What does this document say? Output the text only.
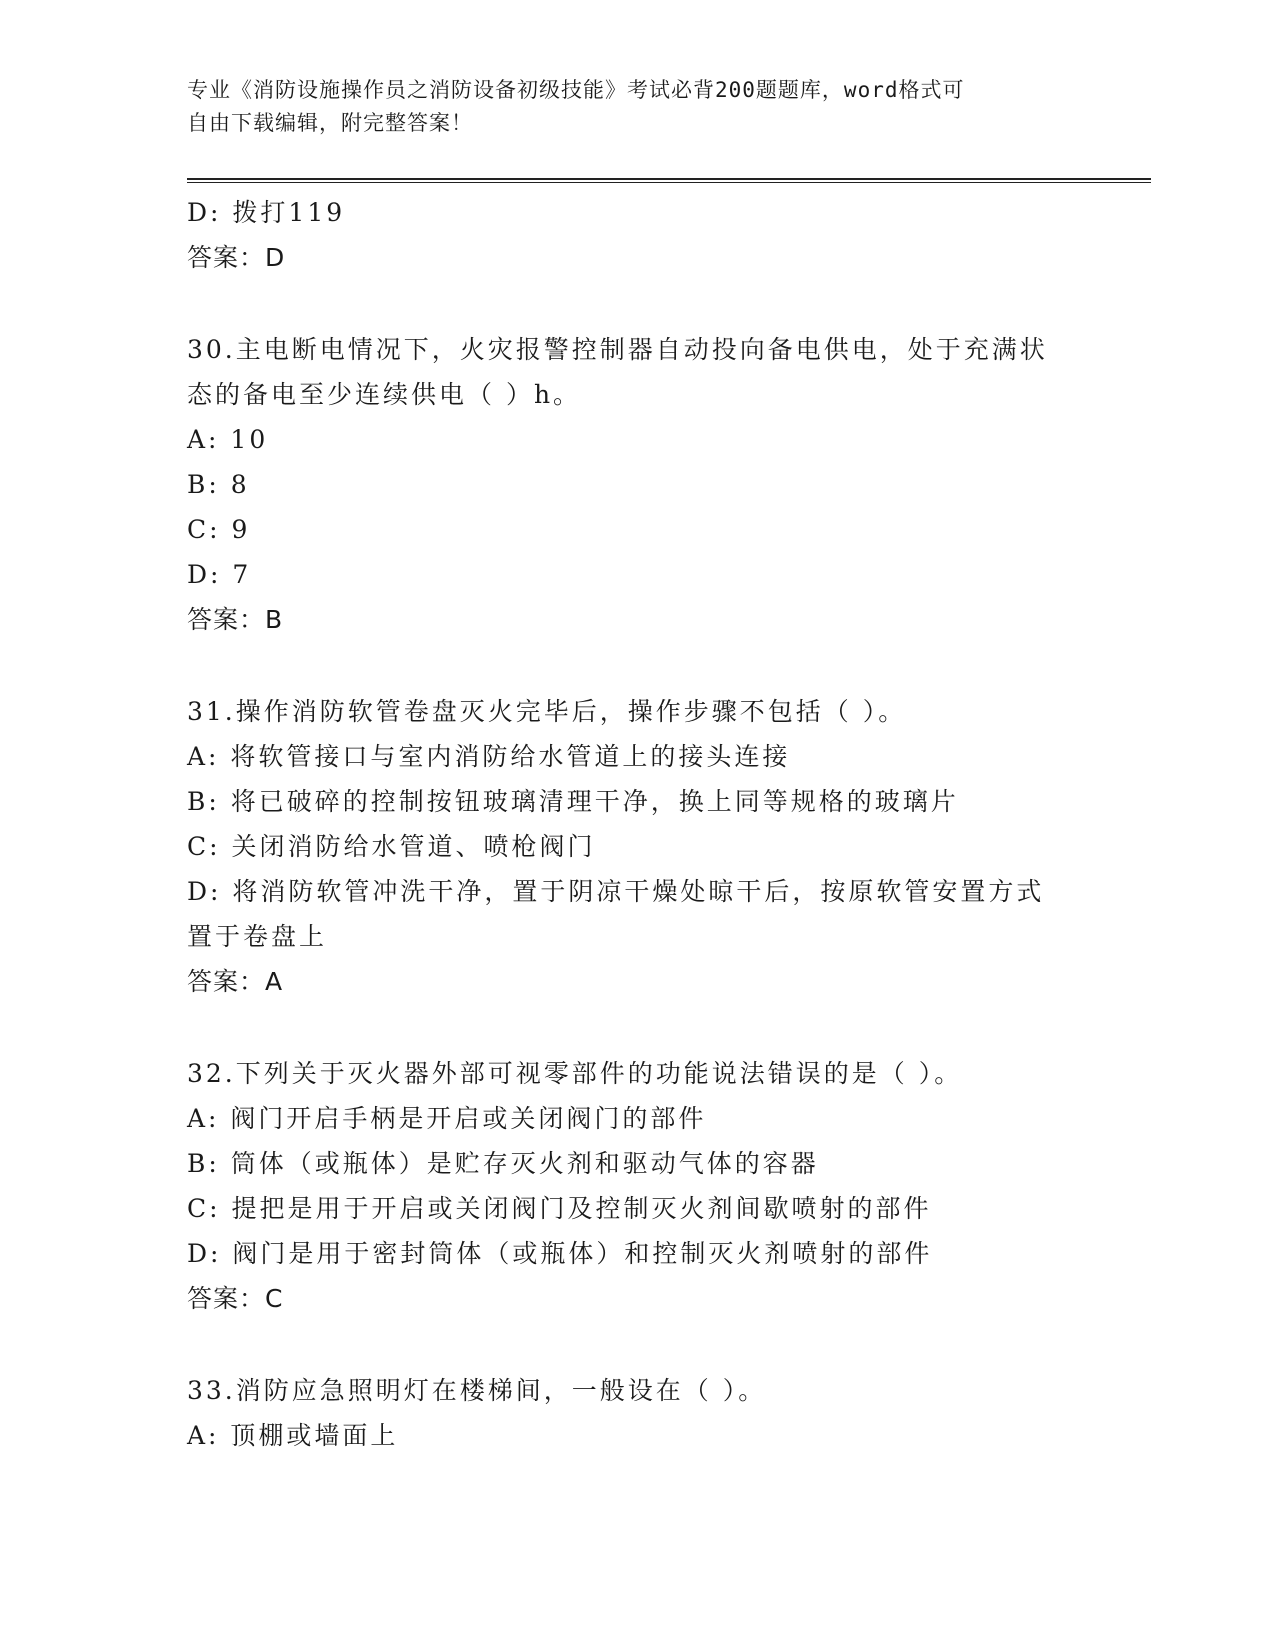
专业《消防设施操作员之消防设备初级技能》考试必背200题题库，word格式可
自由下载编辑，附完整答案！
D: 拨打119
答案：D
30.主电断电情况下，火灾报警控制器自动投向备电供电，处于充满状
态的备电至少连续供电（ ）h。
A: 10
B: 8
C: 9
D: 7
答案：B
31.操作消防软管卷盘灭火完毕后，操作步骤不包括（ ）。
A: 将软管接口与室内消防给水管道上的接头连接
B: 将已破碎的控制按钮玻璃清理干净，换上同等规格的玻璃片
C: 关闭消防给水管道、喷枪阀门
D: 将消防软管冲洗干净，置于阴凉干燥处晾干后，按原软管安置方式
置于卷盘上
答案：A
32.下列关于灭火器外部可视零部件的功能说法错误的是（ ）。
A: 阀门开启手柄是开启或关闭阀门的部件
B: 筒体（或瓶体）是贮存灭火剂和驱动气体的容器
C: 提把是用于开启或关闭阀门及控制灭火剂间歇喷射的部件
D: 阀门是用于密封筒体（或瓶体）和控制灭火剂喷射的部件
答案：C
33.消防应急照明灯在楼梯间，一般设在（ ）。
A: 顶棚或墙面上
